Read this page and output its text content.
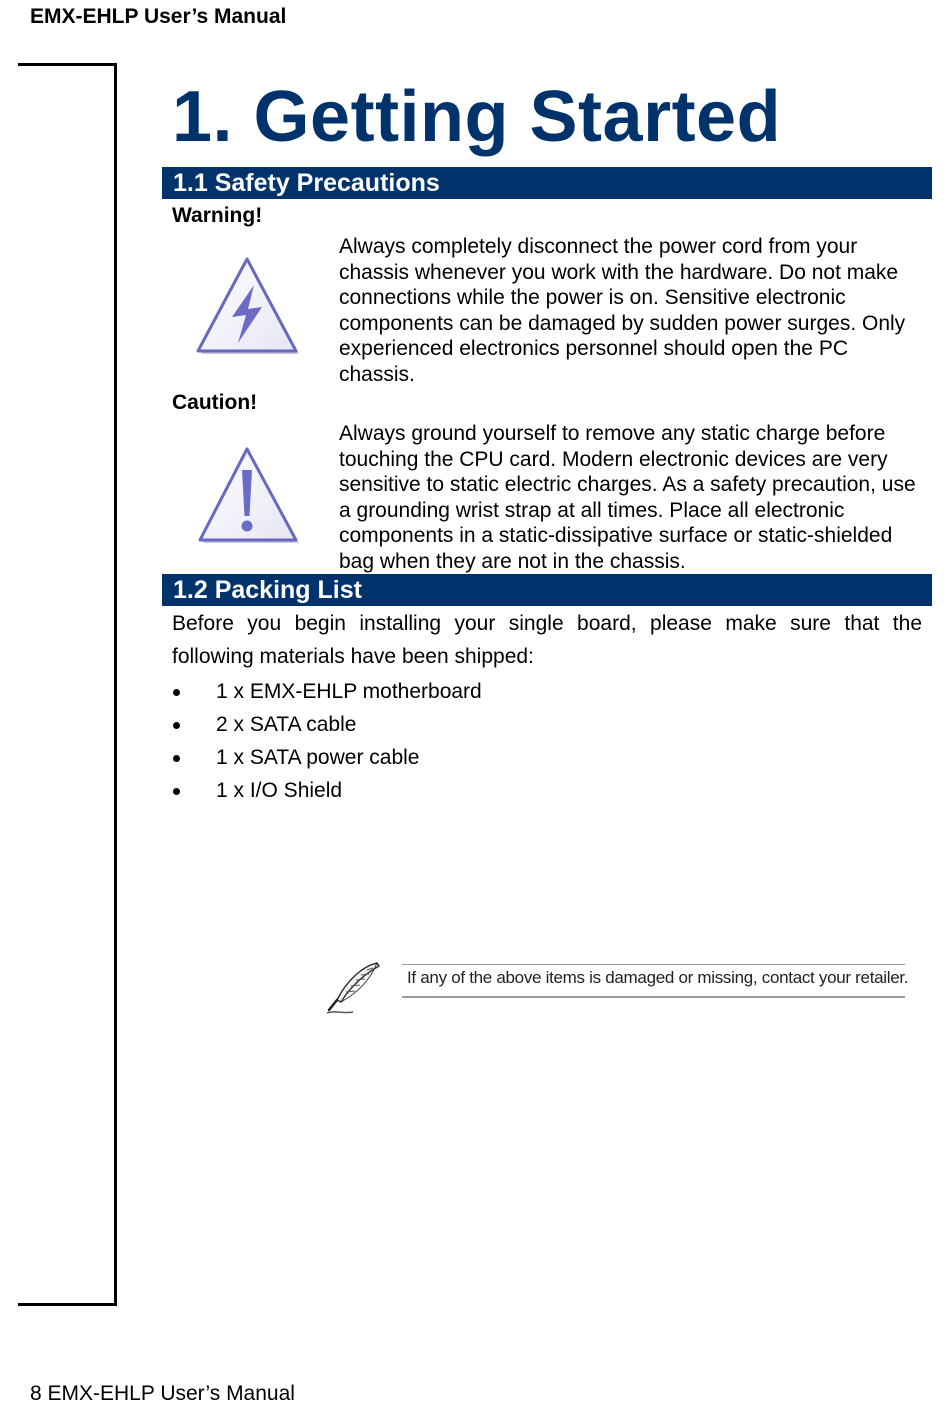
EMX-EHLP User’s Manual
1. Getting Started
1.1 Safety Precautions
Warning!
Always completely disconnect the power cord from your chassis whenever you work with the hardware. Do not make connections while the power is on. Sensitive electronic components can be damaged by sudden power surges. Only experienced electronics personnel should open the PC chassis.
Caution!
Always ground yourself to remove any static charge before touching the CPU card. Modern electronic devices are very sensitive to static electric charges. As a safety precaution, use a grounding wrist strap at all times. Place all electronic components in a static-dissipative surface or static-shielded bag when they are not in the chassis.
1.2 Packing List
Before you begin installing your single board, please make sure that the
following materials have been shipped:
1 x EMX-EHLP motherboard
2 x SATA cable
1 x SATA power cable
1 x I/O Shield
If any of the above items is damaged or missing, contact your retailer.
8 EMX-EHLP User’s Manual
